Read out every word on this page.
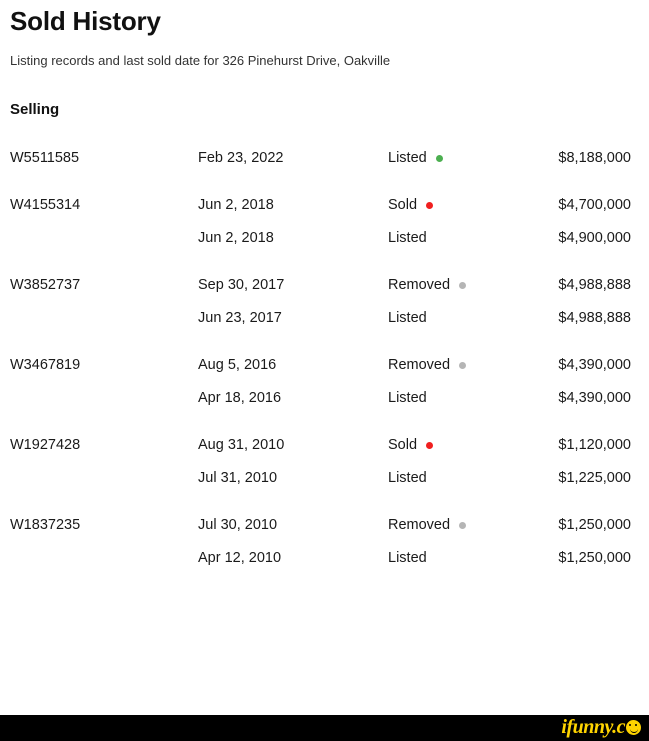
Sold History
Listing records and last sold date for 326 Pinehurst Drive, Oakville
Selling
W5511585	Feb 23, 2022	Listed	$8,188,000
W4155314	Jun 2, 2018	Sold	$4,700,000
	Jun 2, 2018	Listed	$4,900,000
W3852737	Sep 30, 2017	Removed	$4,988,888
	Jun 23, 2017	Listed	$4,988,888
W3467819	Aug 5, 2016	Removed	$4,390,000
	Apr 18, 2016	Listed	$4,390,000
W1927428	Aug 31, 2010	Sold	$1,120,000
	Jul 31, 2010	Listed	$1,225,000
W1837235	Jul 30, 2010	Removed	$1,250,000
	Apr 12, 2010	Listed	$1,250,000
ifunny.c
